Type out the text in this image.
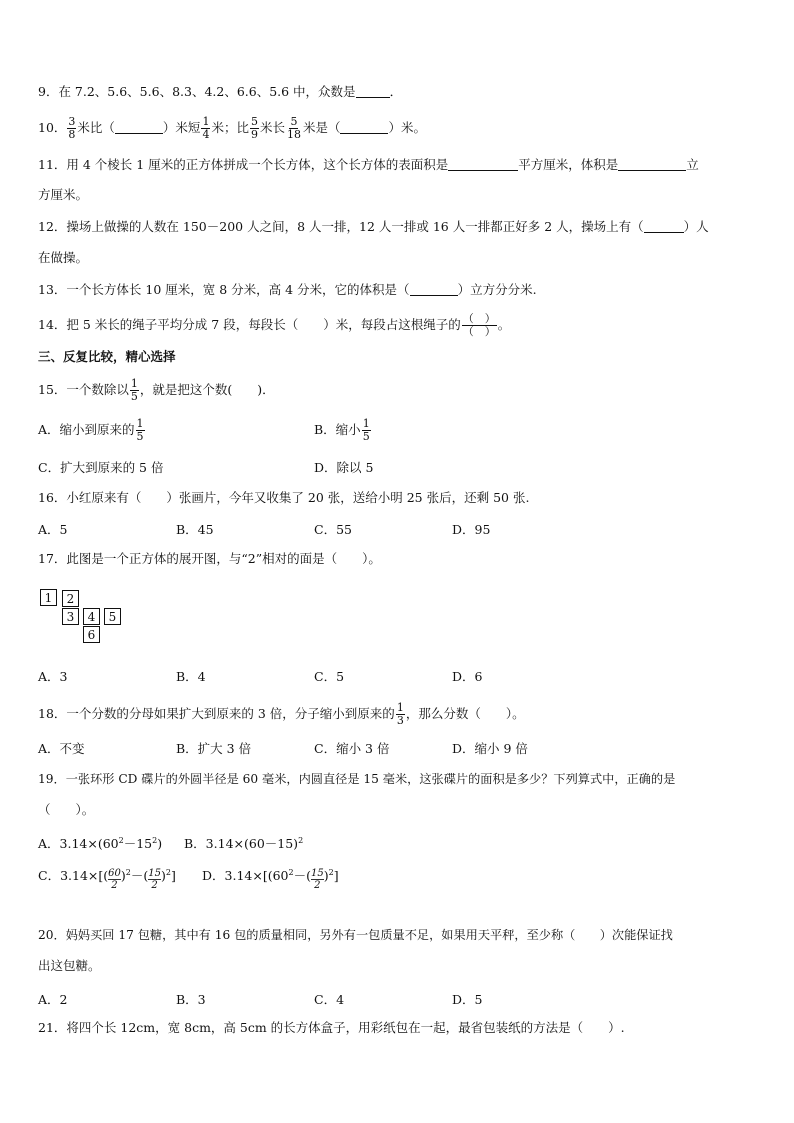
9．在 7.2、5.6、5.6、8.3、4.2、6.6、5.6 中，众数是	．
10． $\frac{3}{8}$ 米比（	）米短 $\frac{1}{4}$ 米；比 $\frac{5}{9}$ 米长 $\frac{5}{18}$ 米是（	）米。
11．用 4 个棱长 1 厘米的正方体拼成一个长方体，这个长方体的表面积是	平方厘米，体积是	立
方厘米。
12．操场上做操的人数在 150－200 人之间，8 人一排，12 人一排或 16 人一排都正好多 2 人，操场上有（	）人
在做操。
13．一个长方体长 10 厘米，宽 8 分米，高 4 分米，它的体积是（	）立方分分米.
14．把 5 米长的绳子平均分成 7 段，每段长（　　）米，每段占这根绳子的 $\frac{( )}{( )}$ 。
三、反复比较，精心选择
15．一个数除以 $\frac{1}{5}$ ，就是把这个数(　　)．
A．缩小到原来的 $\frac{1}{5}$	B．缩小 $\frac{1}{5}$
C．扩大到原来的 5 倍	D．除以 5
16．小红原来有（　　）张画片，今年又收集了 20 张，送给小明 25 张后，还剩 50 张.
A．5	B．45	C．55	D．95
17．此图是一个正方体的展开图，与“2”相对的面是（　　）。
1	2
3	4	5
6
A．3	B．4	C．5	D．6
18．一个分数的分母如果扩大到原来的 3 倍，分子缩小到原来的 $\frac{1}{3}$ ，那么分数（　　）。
A．不变	B．扩大 3 倍	C．缩小 3 倍	D．缩小 9 倍
19．一张环形 CD 碟片的外圆半径是 60 毫米，内圆直径是 15 毫米，这张碟片的面积是多少？下列算式中，正确的是
（　　）。
A．$3.14\times(60^2-15^2)$ B．$3.14\times(60-15)^2$
C．$3.14\times[( \frac{60}{2} )^2-( \frac{15}{2} )^2]$ D．$3.14\times[(60^2-( \frac{15}{2} )^2]$
20．妈妈买回 17 包糖，其中有 16 包的质量相同，另外有一包质量不足，如果用天平秤，至少称（　　）次能保证找
出这包糖。
A．2	B．3	C．4	D．5
21．将四个长 12cm，宽 8cm，高 5cm 的长方体盒子，用彩纸包在一起，最省包装纸的方法是（　　）.
